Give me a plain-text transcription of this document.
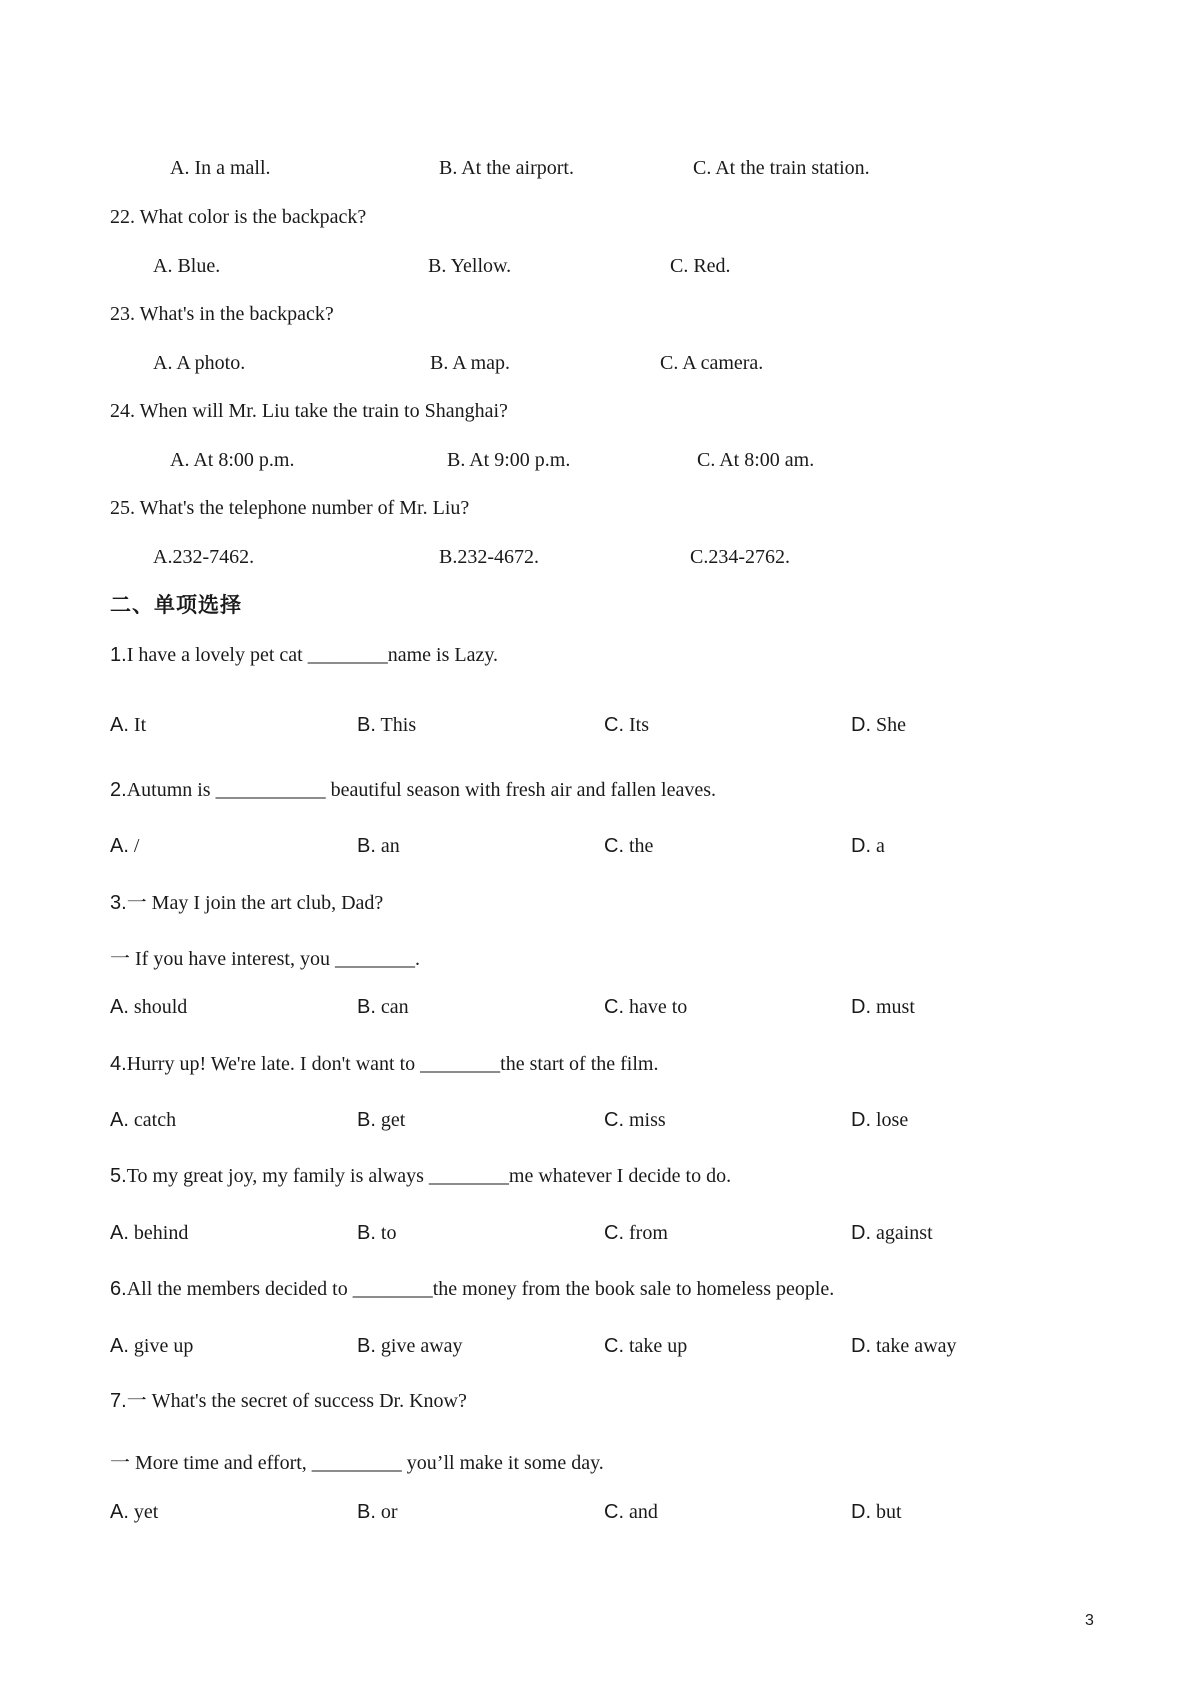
A. In a mall.	B. At the airport.	C. At the train station.
22. What color is the backpack?
A. Blue.	B. Yellow.	C. Red.
23. What's in the backpack?
A. A photo.	B. A map.	C. A camera.
24. When will Mr. Liu take the train to Shanghai?
A. At 8:00 p.m.	B. At 9:00 p.m.	C. At 8:00 am.
25. What's the telephone number of Mr. Liu?
A.232-7462.	B.232-4672.	C.234-2762.
二、单项选择
1.I have a lovely pet cat ________name is Lazy.
A. It	B. This	C. Its	D. She
2.Autumn is ___________ beautiful season with fresh air and fallen leaves.
A. /	B. an	C. the	D. a
3.一 May I join the art club, Dad?
一 If you have interest, you ________.
A. should	B. can	C. have to	D. must
4.Hurry up! We're late. I don't want to ________the start of the film.
A. catch	B. get	C. miss	D. lose
5.To my great joy, my family is always ________me whatever I decide to do.
A. behind	B. to	C. from	D. against
6.All the members decided to ________the money from the book sale to homeless people.
A. give up	B. give away	C. take up	D. take away
7.一 What's the secret of success Dr. Know?
一 More time and effort, _________ you’ll make it some day.
A. yet	B. or	C. and	D. but
3
